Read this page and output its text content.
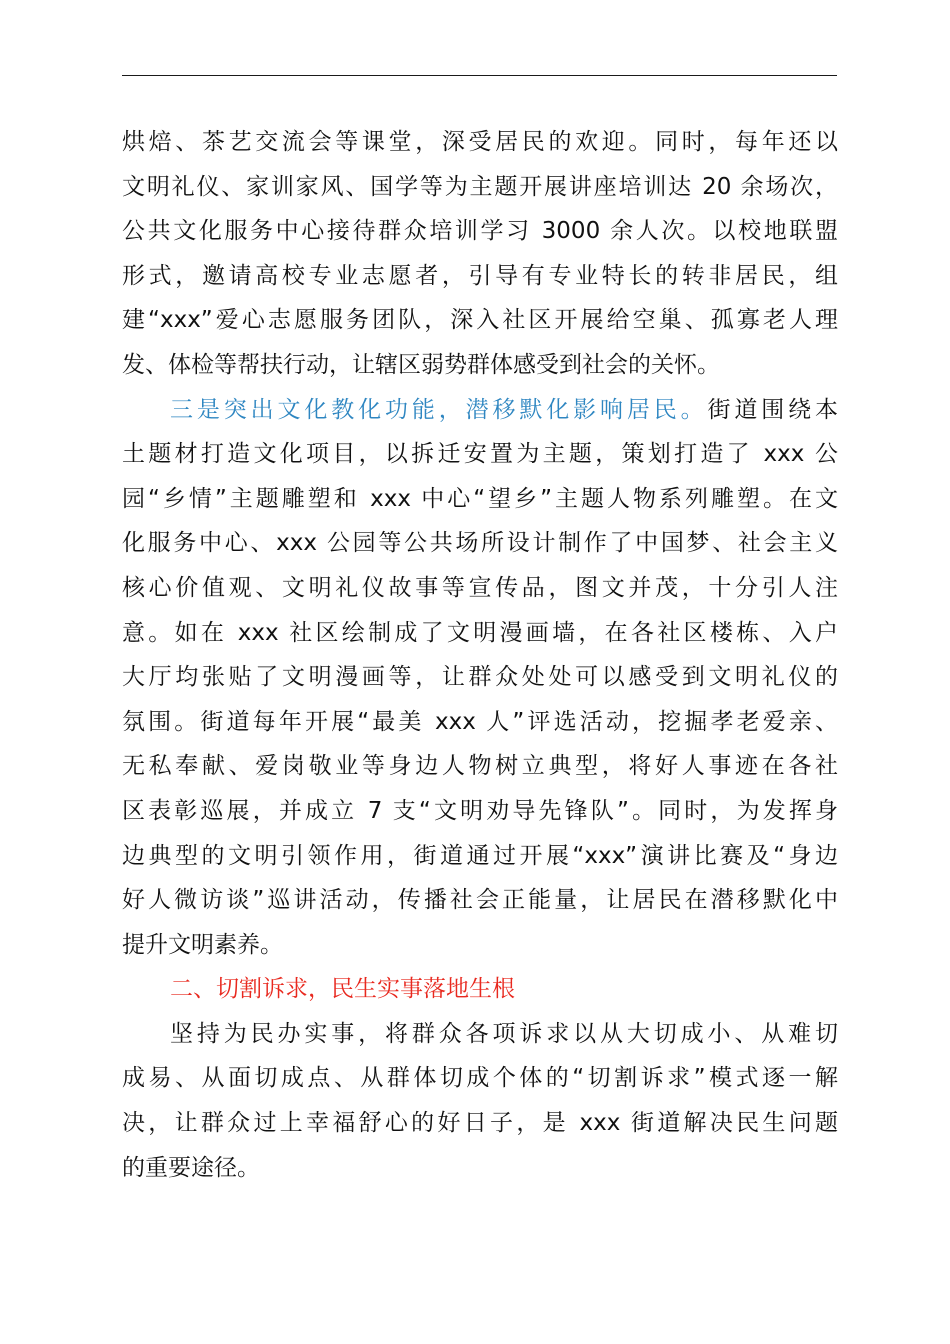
烘焙、茶艺交流会等课堂，深受居民的欢迎。同时，每年还以
文明礼仪、家训家风、国学等为主题开展讲座培训达 20 余场次，
公共文化服务中心接待群众培训学习 3000 余人次。以校地联盟
形式，邀请高校专业志愿者，引导有专业特长的转非居民，组
建“xxx”爱心志愿服务团队，深入社区开展给空巢、孤寡老人理
发、体检等帮扶行动，让辖区弱势群体感受到社会的关怀。
三是突出文化教化功能，潜移默化影响居民。街道围绕本
土题材打造文化项目，以拆迁安置为主题，策划打造了 xxx 公
园“乡情”主题雕塑和 xxx 中心“望乡”主题人物系列雕塑。在文
化服务中心、xxx 公园等公共场所设计制作了中国梦、社会主义
核心价值观、文明礼仪故事等宣传品，图文并茂，十分引人注
意。如在 xxx 社区绘制成了文明漫画墙，在各社区楼栋、入户
大厅均张贴了文明漫画等，让群众处处可以感受到文明礼仪的
氛围。街道每年开展“最美 xxx 人”评选活动，挖掘孝老爱亲、
无私奉献、爱岗敬业等身边人物树立典型，将好人事迹在各社
区表彰巡展，并成立 7 支“文明劝导先锋队”。同时，为发挥身
边典型的文明引领作用，街道通过开展“xxx”演讲比赛及“身边
好人微访谈”巡讲活动，传播社会正能量，让居民在潜移默化中
提升文明素养。
二、切割诉求，民生实事落地生根
坚持为民办实事，将群众各项诉求以从大切成小、从难切
成易、从面切成点、从群体切成个体的“切割诉求”模式逐一解
决，让群众过上幸福舒心的好日子，是 xxx 街道解决民生问题
的重要途径。
